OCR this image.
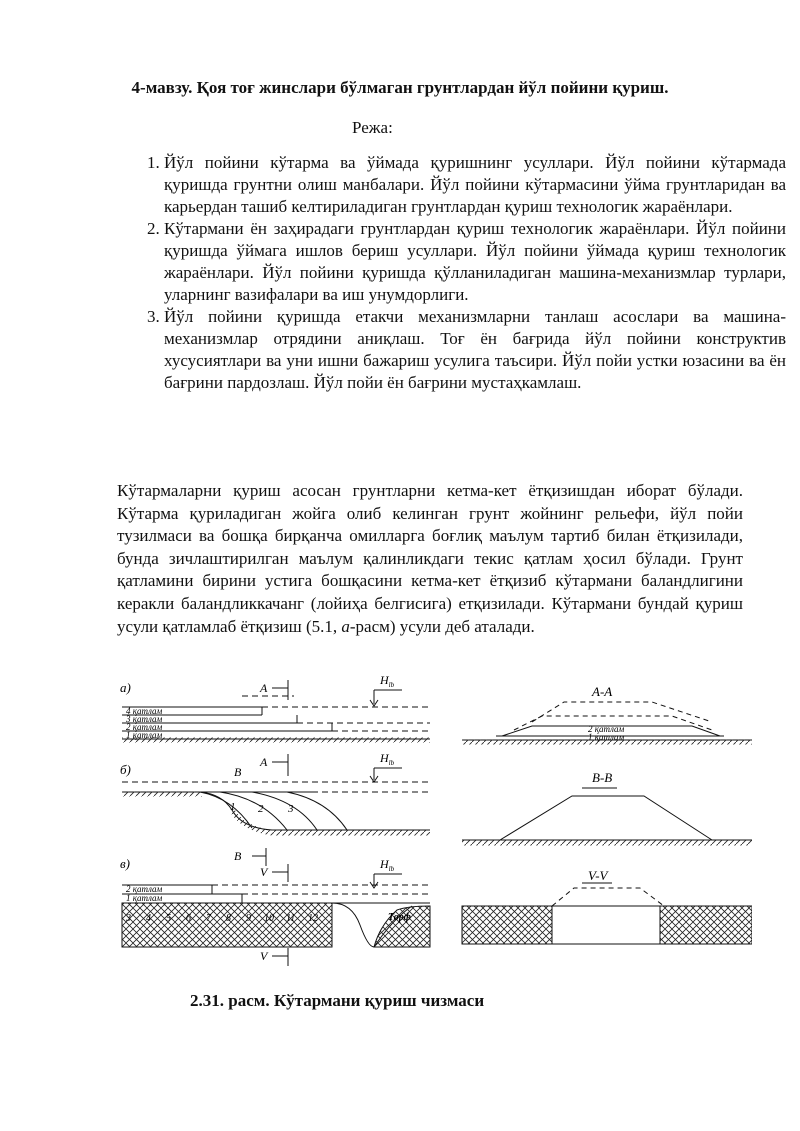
4-мавзу. Қоя тоғ жинслари бўлмаган грунтлардан йўл пойини қуриш.
Режа:
1. Йўл пойини кўтарма ва ўймада қуришнинг усуллари. Йўл пойини кўтармада қуришда грунтни олиш манбалари. Йўл пойини кўтармасини ўйма грунтларидан ва карьердан ташиб келтириладиган грунтлардан қуриш технологик жараёнлари.
2. Кўтармани ён заҳирадаги грунтлардан қуриш технологик жараёнлари. Йўл пойини қуришда ўймага ишлов бериш усуллари. Йўл пойини ўймада қуриш технологик жараёнлари. Йўл пойини қуришда қўлланиладиган машина-механизмлар турлари, уларнинг вазифалари ва иш унумдорлиги.
3. Йўл пойини қуришда етакчи механизмларни танлаш асослари ва машина-механизмлар отрядини аниқлаш. Тоғ ён бағрида йўл пойини конструктив хусусиятлари ва уни ишни бажариш усулига таъсири. Йўл пойи устки юзасини ва ён бағрини пардозлаш. Йўл пойи ён бағрини мустаҳкамлаш.

Кўтармаларни қуриш асосан грунтларни кетма-кет ётқизишдан иборат бўлади. Кўтарма қуриладиган жойга олиб келинган грунт жойнинг рельефи, йўл пойи тузилмаси ва бошқа бирқанча омилларга боғлиқ маълум тартиб билан ётқизилади, бунда зичлаштирилган маълум қалинликдаги текис қатлам ҳосил бўлади. Грунт қатламини бирини устига бошқасини кетма-кет ётқизиб кўтармани баландлигини керакли баландликкачанг (лойиҳа белгисига) етқизилади. Кўтармани бундай қуриш усули қатламлаб ётқизиш (5.1, а-расм) усули деб аталади.

а)
4 қатлам
3 қатлам
2 қатлам
1 қатлам
А
$H_{lb}$
б)
1 2 3
В
А	$H_{lb}$
В
в)
2 қатлам
1 қатлам
3 4 5 6 7 8 9 10 11 12	Торф
V
$H_{lb}$
V
А-А
2 қатлам
1 қатлам
В-В
V-V
2.31. расм. Кўтармани қуриш чизмаси
